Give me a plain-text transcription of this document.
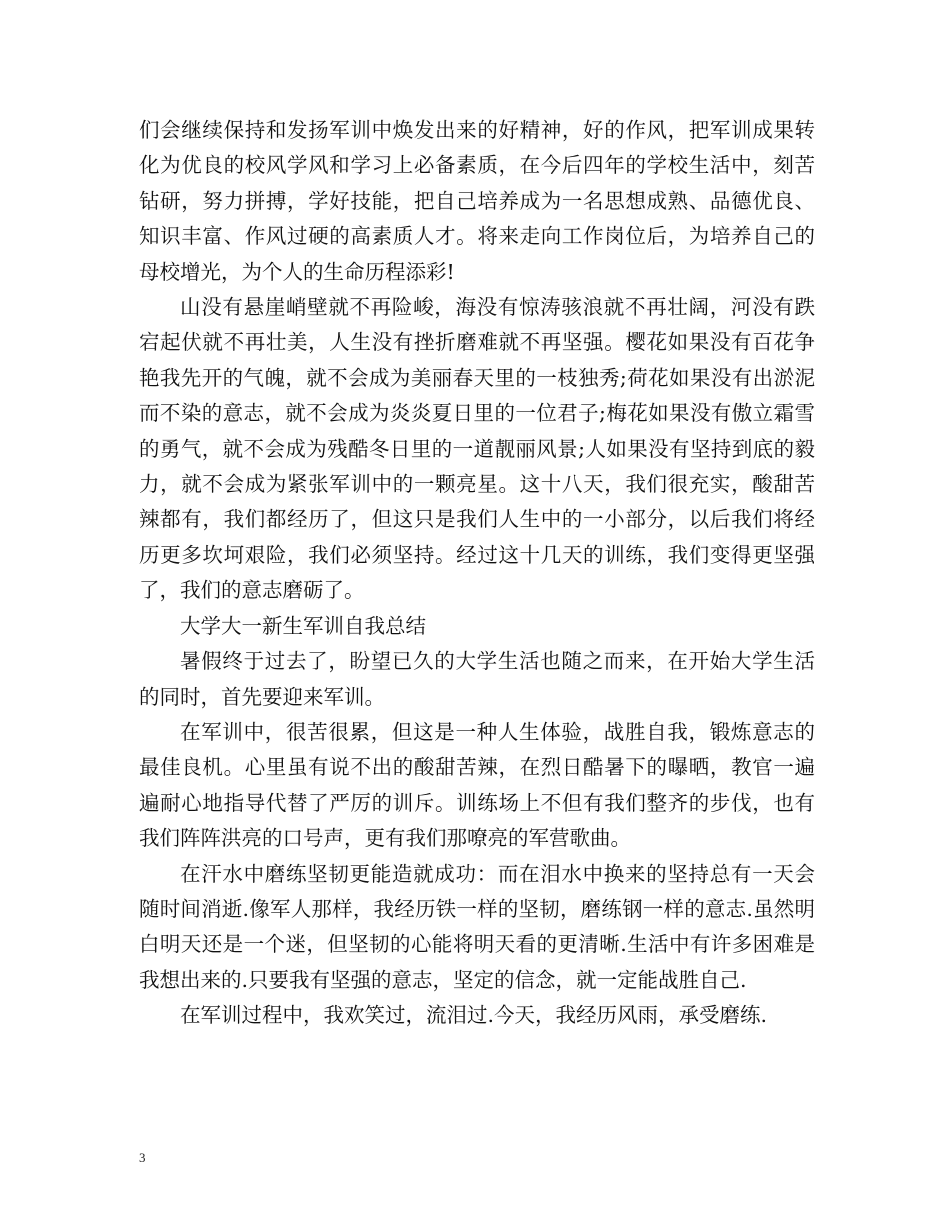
们会继续保持和发扬军训中焕发出来的好精神，好的作风，把军训成果转化为优良的校风学风和学习上必备素质，在今后四年的学校生活中，刻苦钻研，努力拼搏，学好技能，把自己培养成为一名思想成熟、品德优良、知识丰富、作风过硬的高素质人才。将来走向工作岗位后，为培养自己的母校增光，为个人的生命历程添彩!

山没有悬崖峭壁就不再险峻，海没有惊涛骇浪就不再壮阔，河没有跌宕起伏就不再壮美，人生没有挫折磨难就不再坚强。樱花如果没有百花争艳我先开的气魄，就不会成为美丽春天里的一枝独秀;荷花如果没有出淤泥而不染的意志，就不会成为炎炎夏日里的一位君子;梅花如果没有傲立霜雪的勇气，就不会成为残酷冬日里的一道靓丽风景;人如果没有坚持到底的毅力，就不会成为紧张军训中的一颗亮星。这十八天，我们很充实，酸甜苦辣都有，我们都经历了，但这只是我们人生中的一小部分，以后我们将经历更多坎坷艰险，我们必须坚持。经过这十几天的训练，我们变得更坚强了，我们的意志磨砺了。

大学大一新生军训自我总结

暑假终于过去了，盼望已久的大学生活也随之而来，在开始大学生活的同时，首先要迎来军训。

在军训中，很苦很累，但这是一种人生体验，战胜自我，锻炼意志的最佳良机。心里虽有说不出的酸甜苦辣，在烈日酷暑下的曝晒，教官一遍遍耐心地指导代替了严厉的训斥。训练场上不但有我们整齐的步伐，也有我们阵阵洪亮的口号声，更有我们那嘹亮的军营歌曲。

在汗水中磨练坚韧更能造就成功：而在泪水中换来的坚持总有一天会随时间消逝.像军人那样，我经历铁一样的坚韧，磨练钢一样的意志.虽然明白明天还是一个迷，但坚韧的心能将明天看的更清晰.生活中有许多困难是我想出来的.只要我有坚强的意志，坚定的信念，就一定能战胜自己.

在军训过程中，我欢笑过，流泪过.今天，我经历风雨，承受磨练.

3
